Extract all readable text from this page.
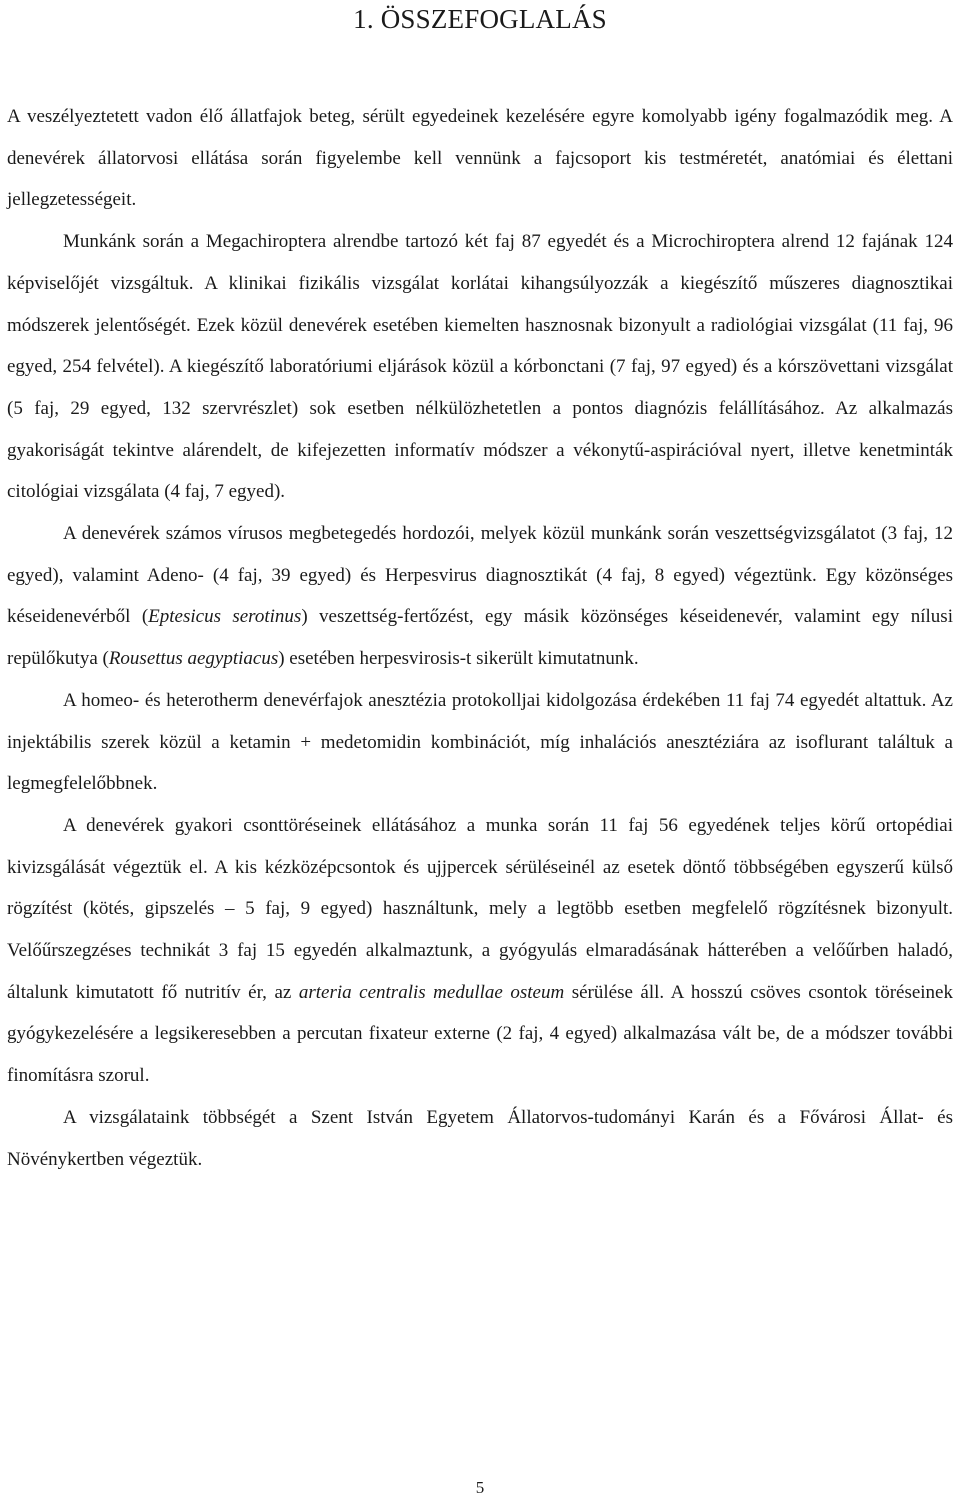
1. ÖSSZEFOGLALÁS

A veszélyeztetett vadon élő állatfajok beteg, sérült egyedeinek kezelésére egyre komolyabb igény fogalmazódik meg. A denevérek állatorvosi ellátása során figyelembe kell vennünk a fajcsoport kis testméretét, anatómiai és élettani jellegzetességeit.

Munkánk során a Megachiroptera alrendbe tartozó két faj 87 egyedét és a Microchiroptera alrend 12 fajának 124 képviselőjét vizsgáltuk. A klinikai fizikális vizsgálat korlátai kihangsúlyozzák a kiegészítő műszeres diagnosztikai módszerek jelentőségét. Ezek közül denevérek esetében kiemelten hasznosnak bizonyult a radiológiai vizsgálat (11 faj, 96 egyed, 254 felvétel). A kiegészítő laboratóriumi eljárások közül a kórbonctani (7 faj, 97 egyed) és a kórszövettani vizsgálat (5 faj, 29 egyed, 132 szervrészlet) sok esetben nélkülözhetetlen a pontos diagnózis felállításához. Az alkalmazás gyakoriságát tekintve alárendelt, de kifejezetten informatív módszer a vékonytű-aspirációval nyert, illetve kenetminták citológiai vizsgálata (4 faj, 7 egyed).

A denevérek számos vírusos megbetegedés hordozói, melyek közül munkánk során veszettségvizsgálatot (3 faj, 12 egyed), valamint Adeno- (4 faj, 39 egyed) és Herpesvirus diagnosztikát (4 faj, 8 egyed) végeztünk. Egy közönséges késeidenevérből (Eptesicus serotinus) veszettség-fertőzést, egy másik közönséges késeidenevér, valamint egy nílusi repülőkutya (Rousettus aegyptiacus) esetében herpesvirosis-t sikerült kimutatnunk.

A homeo- és heterotherm denevérfajok anesztézia protokolljai kidolgozása érdekében 11 faj 74 egyedét altattuk. Az injektábilis szerek közül a ketamin + medetomidin kombinációt, míg inhalációs anesztéziára az isoflurant találtuk a legmegfelelőbbnek.

A denevérek gyakori csonttöréseinek ellátásához a munka során 11 faj 56 egyedének teljes körű ortopédiai kivizsgálását végeztük el. A kis kézközépcsontok és ujjpercek sérüléseinél az esetek döntő többségében egyszerű külső rögzítést (kötés, gipszelés – 5 faj, 9 egyed) használtunk, mely a legtöbb esetben megfelelő rögzítésnek bizonyult. Velőűrszegzéses technikát 3 faj 15 egyedén alkalmaztunk, a gyógyulás elmaradásának hátterében a velőűrben haladó, általunk kimutatott fő nutritív ér, az arteria centralis medullae osteum sérülése áll. A hosszú csöves csontok töréseinek gyógykezelésére a legsikeresebben a percutan fixateur externe (2 faj, 4 egyed) alkalmazása vált be, de a módszer további finomításra szorul.

A vizsgálataink többségét a Szent István Egyetem Állatorvos-tudományi Karán és a Fővárosi Állat- és Növénykertben végeztük.

5
